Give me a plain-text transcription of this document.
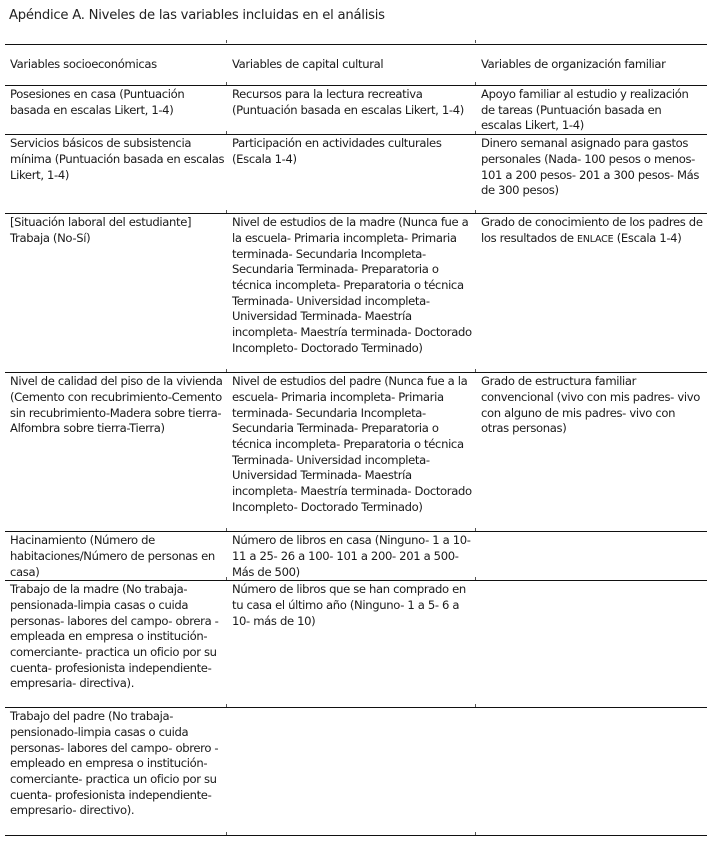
Apéndice A. Niveles de las variables incluidas en el análisis
Variables socioeconómicas	Variables de capital cultural	Variables de organización familiar
Posesiones en casa (Puntuación basada en escalas Likert, 1-4)	Recursos para la lectura recreativa (Puntuación basada en escalas Likert, 1-4)	Apoyo familiar al estudio y realización de tareas (Puntuación basada en escalas Likert, 1-4)
Servicios básicos de subsistencia mínima (Puntuación basada en escalas Likert, 1-4)	Participación en actividades culturales (Escala 1-4)	Dinero semanal asignado para gastos personales (Nada- 100 pesos o menos- 101 a 200 pesos- 201 a 300 pesos- Más de 300 pesos)
[Situación laboral del estudiante] Trabaja (No-Sí)	Nivel de estudios de la madre (Nunca fue a la escuela- Primaria incompleta- Primaria terminada- Secundaria Incompleta- Secundaria Terminada- Preparatoria o técnica incompleta- Preparatoria o técnica Terminada- Universidad incompleta- Universidad Terminada- Maestría incompleta- Maestría terminada- Doctorado Incompleto- Doctorado Terminado)	Grado de conocimiento de los padres de los resultados de ENLACE (Escala 1-4)
Nivel de calidad del piso de la vivienda (Cemento con recubrimiento-Cemento sin recubrimiento-Madera sobre tierra-Alfombra sobre tierra-Tierra)	Nivel de estudios del padre (Nunca fue a la escuela- Primaria incompleta- Primaria terminada- Secundaria Incompleta- Secundaria Terminada- Preparatoria o técnica incompleta- Preparatoria o técnica Terminada- Universidad incompleta- Universidad Terminada- Maestría incompleta- Maestría terminada- Doctorado Incompleto- Doctorado Terminado)	Grado de estructura familiar convencional (vivo con mis padres- vivo con alguno de mis padres- vivo con otras personas)
Hacinamiento (Número de habitaciones/Número de personas en casa)	Número de libros en casa (Ninguno- 1 a 10-11 a 25- 26 a 100- 101 a 200- 201 a 500- Más de 500)	
Trabajo de la madre (No trabaja- pensionada-limpia casas o cuida personas- labores del campo- obrera -empleada en empresa o institución- comerciante- practica un oficio por su cuenta- profesionista independiente- empresaria- directiva).	Número de libros que se han comprado en tu casa el último año (Ninguno- 1 a 5- 6 a 10- más de 10)	
Trabajo del padre (No trabaja- pensionado-limpia casas o cuida personas- labores del campo- obrero -empleado en empresa o institución- comerciante- practica un oficio por su cuenta- profesionista independiente- empresario- directivo).		
